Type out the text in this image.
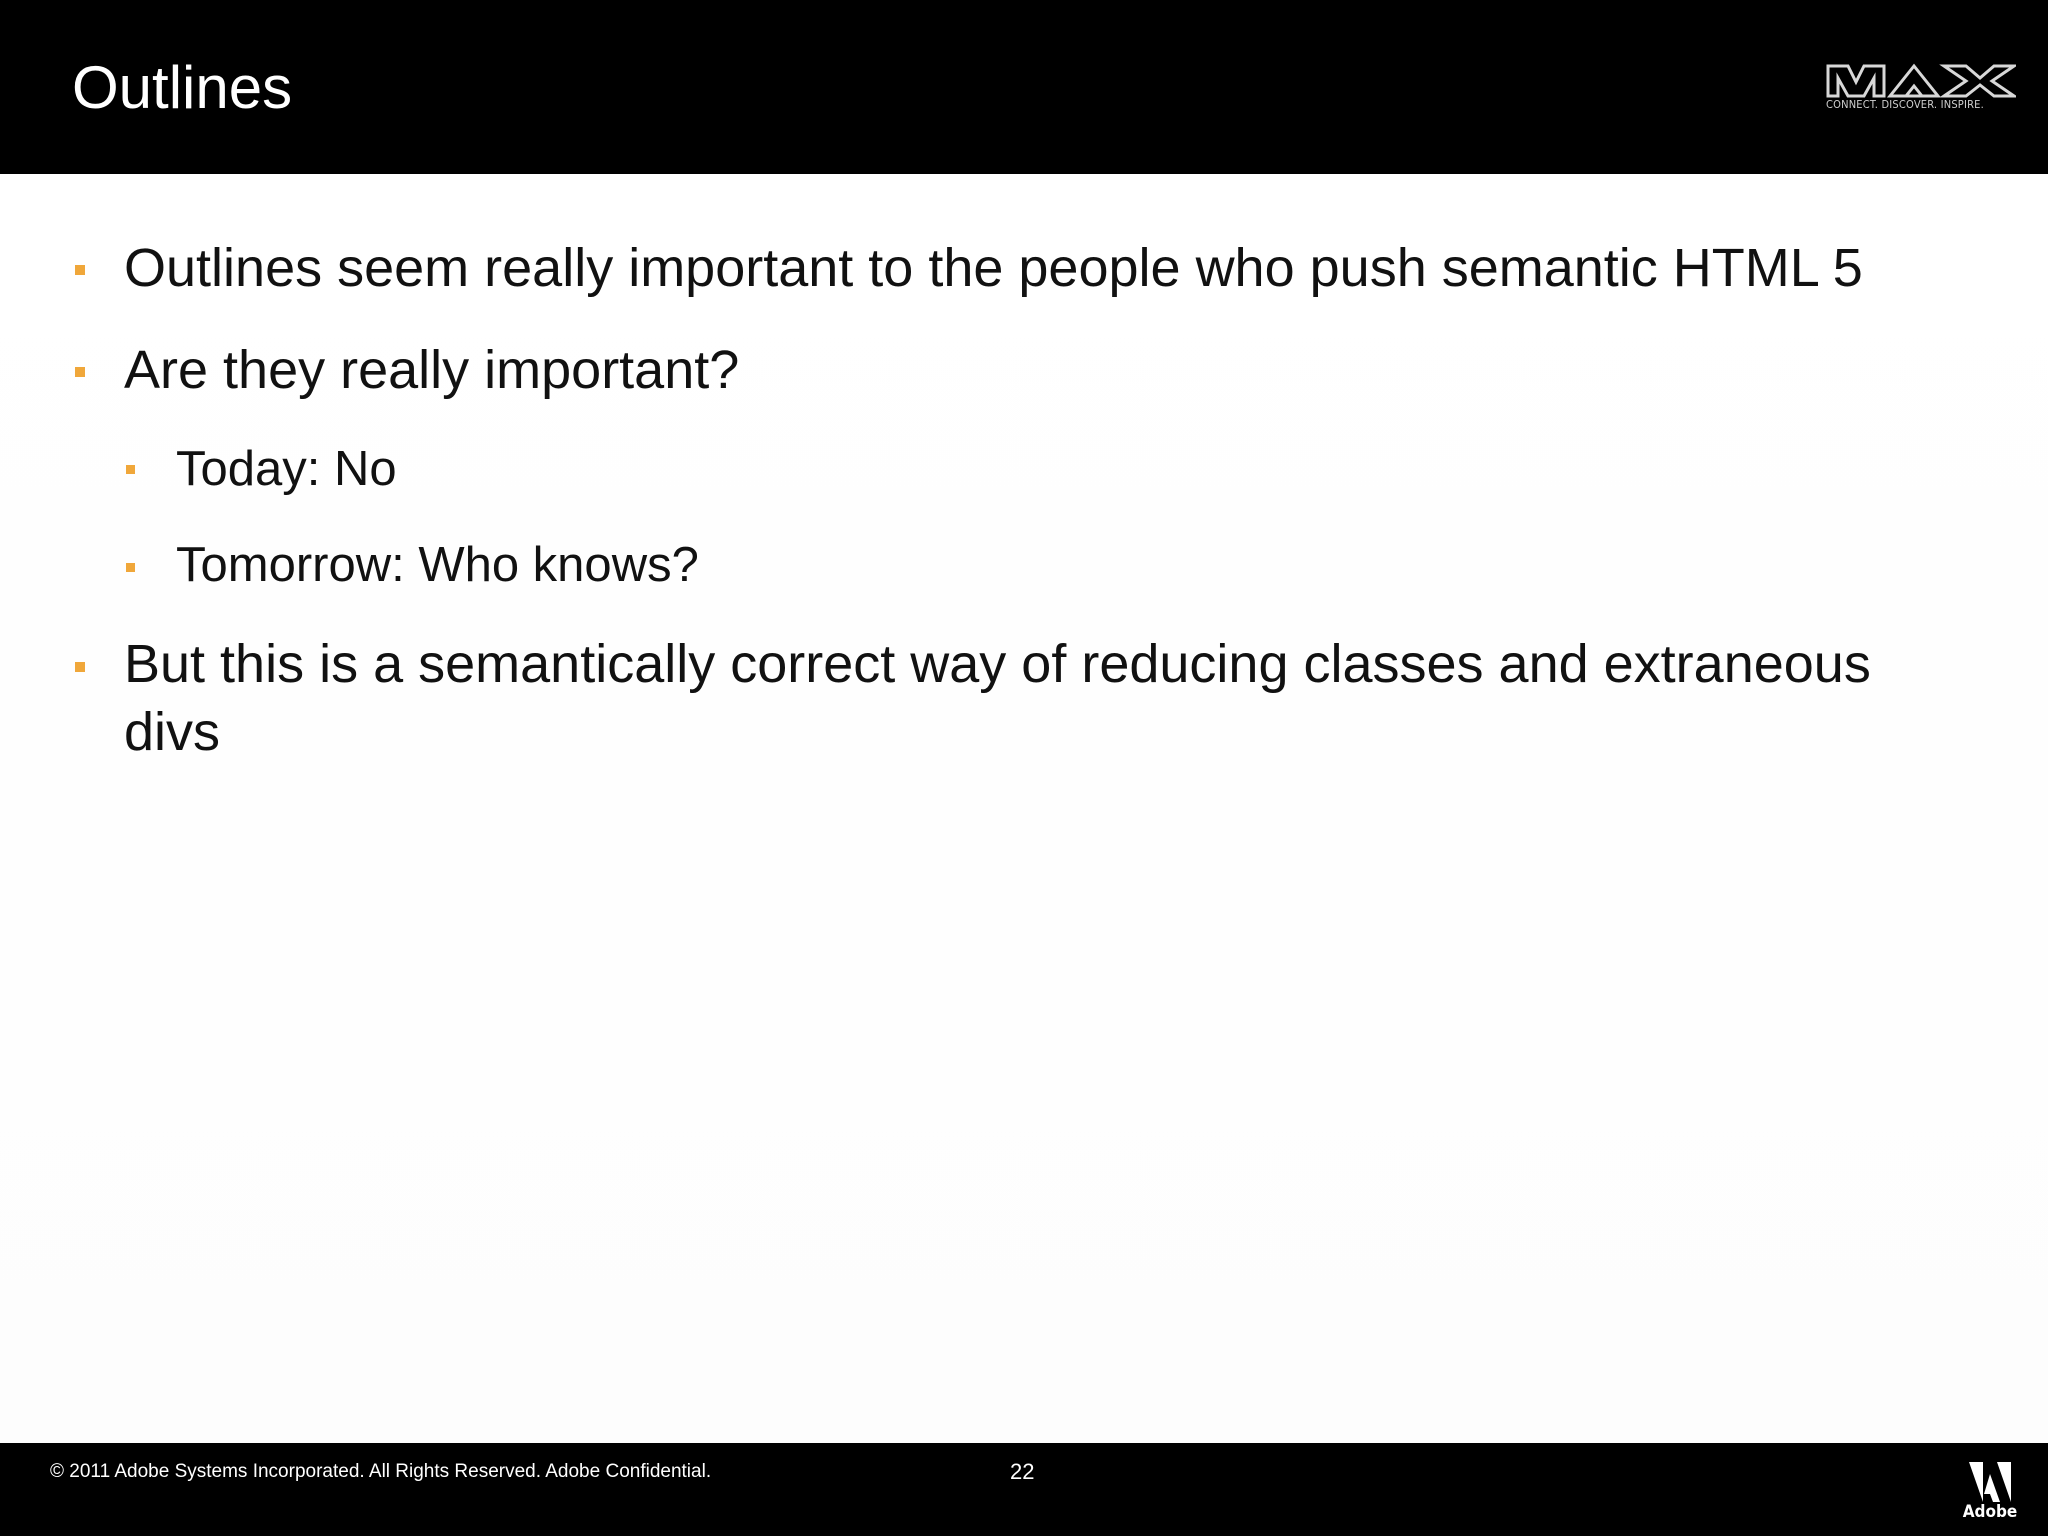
Outlines	CONNECT. DISCOVER. INSPIRE.
Outlines seem really important to the people who push semantic HTML 5
Are they really important?
Today: No
Tomorrow: Who knows?
But this is a semantically correct way of reducing classes and extraneous
divs
© 2011 Adobe Systems Incorporated. All Rights Reserved. Adobe Confidential.	22
Adobe
